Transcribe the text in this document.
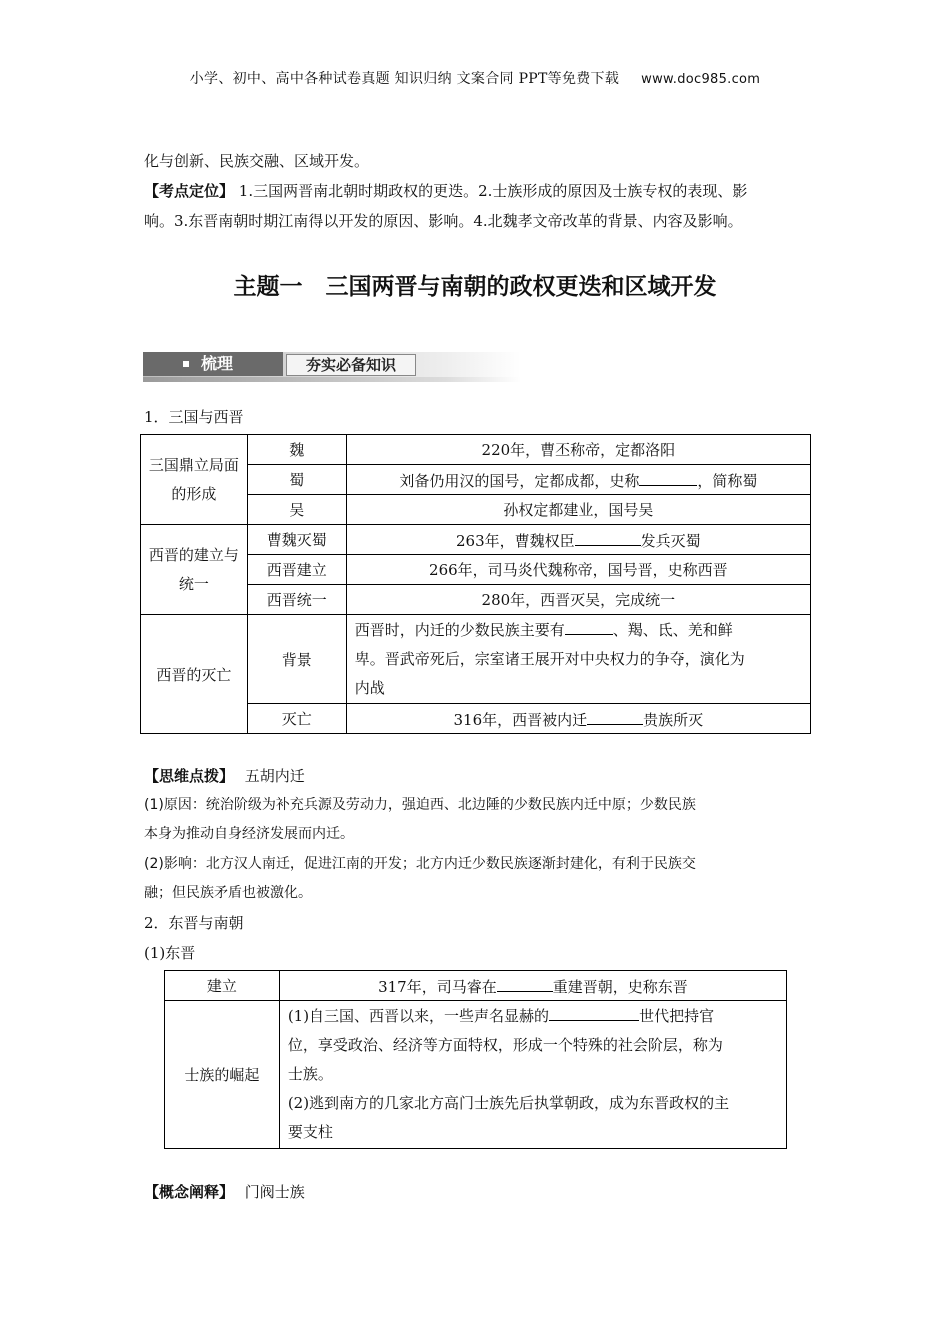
小学、初中、高中各种试卷真题 知识归纳 文案合同 PPT等免费下载 www.doc985.com
化与创新、民族交融、区域开发。
【考点定位】 1.三国两晋南北朝时期政权的更迭。2.士族形成的原因及士族专权的表现、影
响。3.东晋南朝时期江南得以开发的原因、影响。4.北魏孝文帝改革的背景、内容及影响。
主题一　三国两晋与南朝的政权更迭和区域开发
梳理	夯实必备知识
1．三国与西晋
三国鼎立局面的形成	魏	220年，曹丕称帝，定都洛阳
	蜀	刘备仍用汉的国号，定都成都，史称 ，简称蜀
	吴	孙权定都建业，国号吴
西晋的建立与统一	曹魏灭蜀	263年，曹魏权臣 发兵灭蜀
	西晋建立	266年，司马炎代魏称帝，国号晋，史称西晋
	西晋统一	280年，西晋灭吴，完成统一
西晋的灭亡	背景	西晋时，内迁的少数民族主要有 、羯、氐、羌和鲜
卑。晋武帝死后，宗室诸王展开对中央权力的争夺，演化为
内战

	灭亡	316年，西晋被内迁 贵族所灭
【思维点拨】 五胡内迁
(1)原因：统治阶级为补充兵源及劳动力，强迫西、北边陲的少数民族内迁中原；少数民族
本身为推动自身经济发展而内迁。
(2)影响：北方汉人南迁，促进江南的开发；北方内迁少数民族逐渐封建化，有利于民族交
融；但民族矛盾也被激化。
2．东晋与南朝
(1)东晋
建立	317年，司马睿在 重建晋朝，史称东晋
士族的崛起	(1)自三国、西晋以来，一些声名显赫的 世代把持官
位，享受政治、经济等方面特权，形成一个特殊的社会阶层，称为
士族。
(2)逃到南方的几家北方高门士族先后执掌朝政，成为东晋政权的主
要支柱
【概念阐释】 门阀士族
